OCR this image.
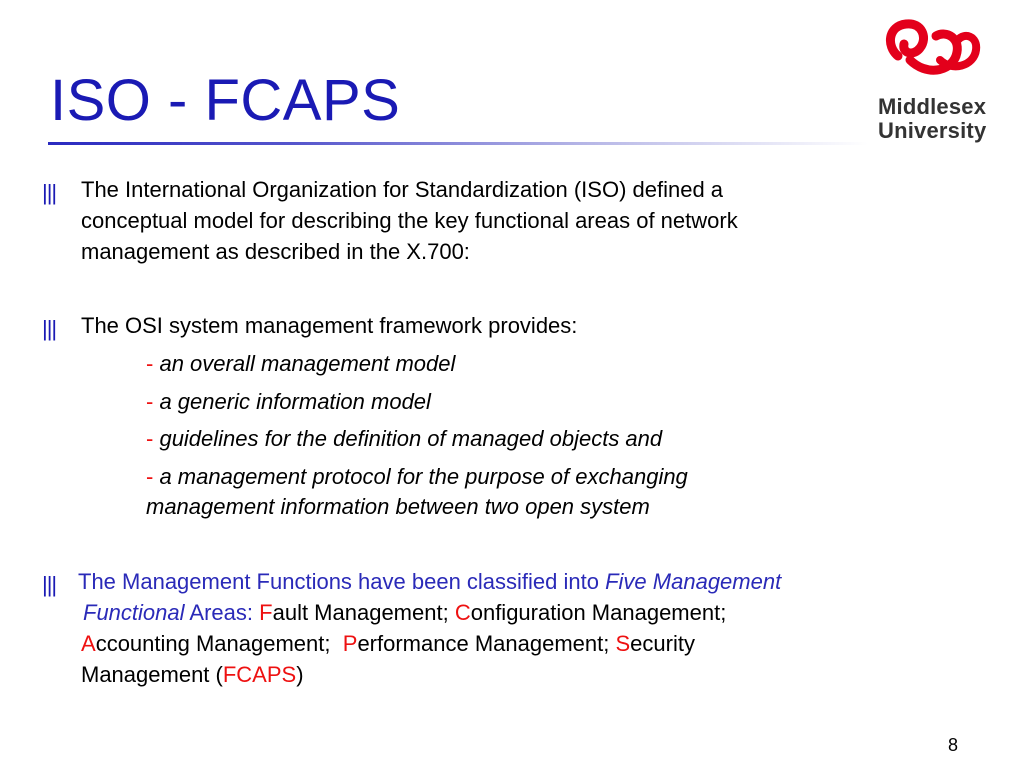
ISO - FCAPS	Middlesex
University
||| The International Organization for Standardization (ISO) defined a
conceptual model for describing the key functional areas of network
management as described in the X.700:
||| The OSI system management framework provides:
- an overall management model
- a generic information model
- guidelines for the definition of managed objects and
- a management protocol for the purpose of exchanging
management information between two open system
||| The Management Functions have been classified into Five Management
Functional Areas: Fault Management; Configuration Management;
Accounting Management; Performance Management; Security
Management (FCAPS)
8
